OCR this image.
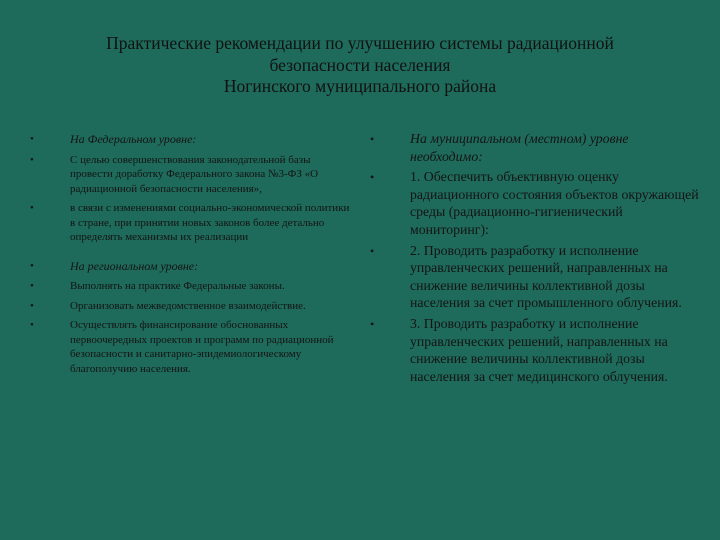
Практические рекомендации по улучшению системы радиационной
безопасности населения
Ногинского муниципального района
•	На Федеральном уровне:
•	С целью совершенствования законодательной базы провести доработку Федерального закона №3-ФЗ «О радиационной безопасности населения»,
•	в связи с изменениями социально-экономической политики в стране, при принятии новых законов более детально определять механизмы их реализации
•	На региональном уровне:
•	Выполнять на практике Федеральные законы.
•	Организовать межведомственное взаимодействие.
•	Осуществлять финансирование обоснованных первоочередных проектов и программ по радиационной безопасности и санитарно-эпидемиологическому благополучию населения.
•	На муниципальном (местном) уровне необходимо:
•	1. Обеспечить объективную оценку радиационного состояния объектов окружающей среды (радиационно-гигиенический мониторинг):
•	2. Проводить разработку и исполнение управленческих решений, направленных на снижение величины коллективной дозы населения за счет промышленного облучения.
•	3. Проводить разработку и исполнение управленческих решений, направленных на снижение величины коллективной дозы населения за счет медицинского облучения.
